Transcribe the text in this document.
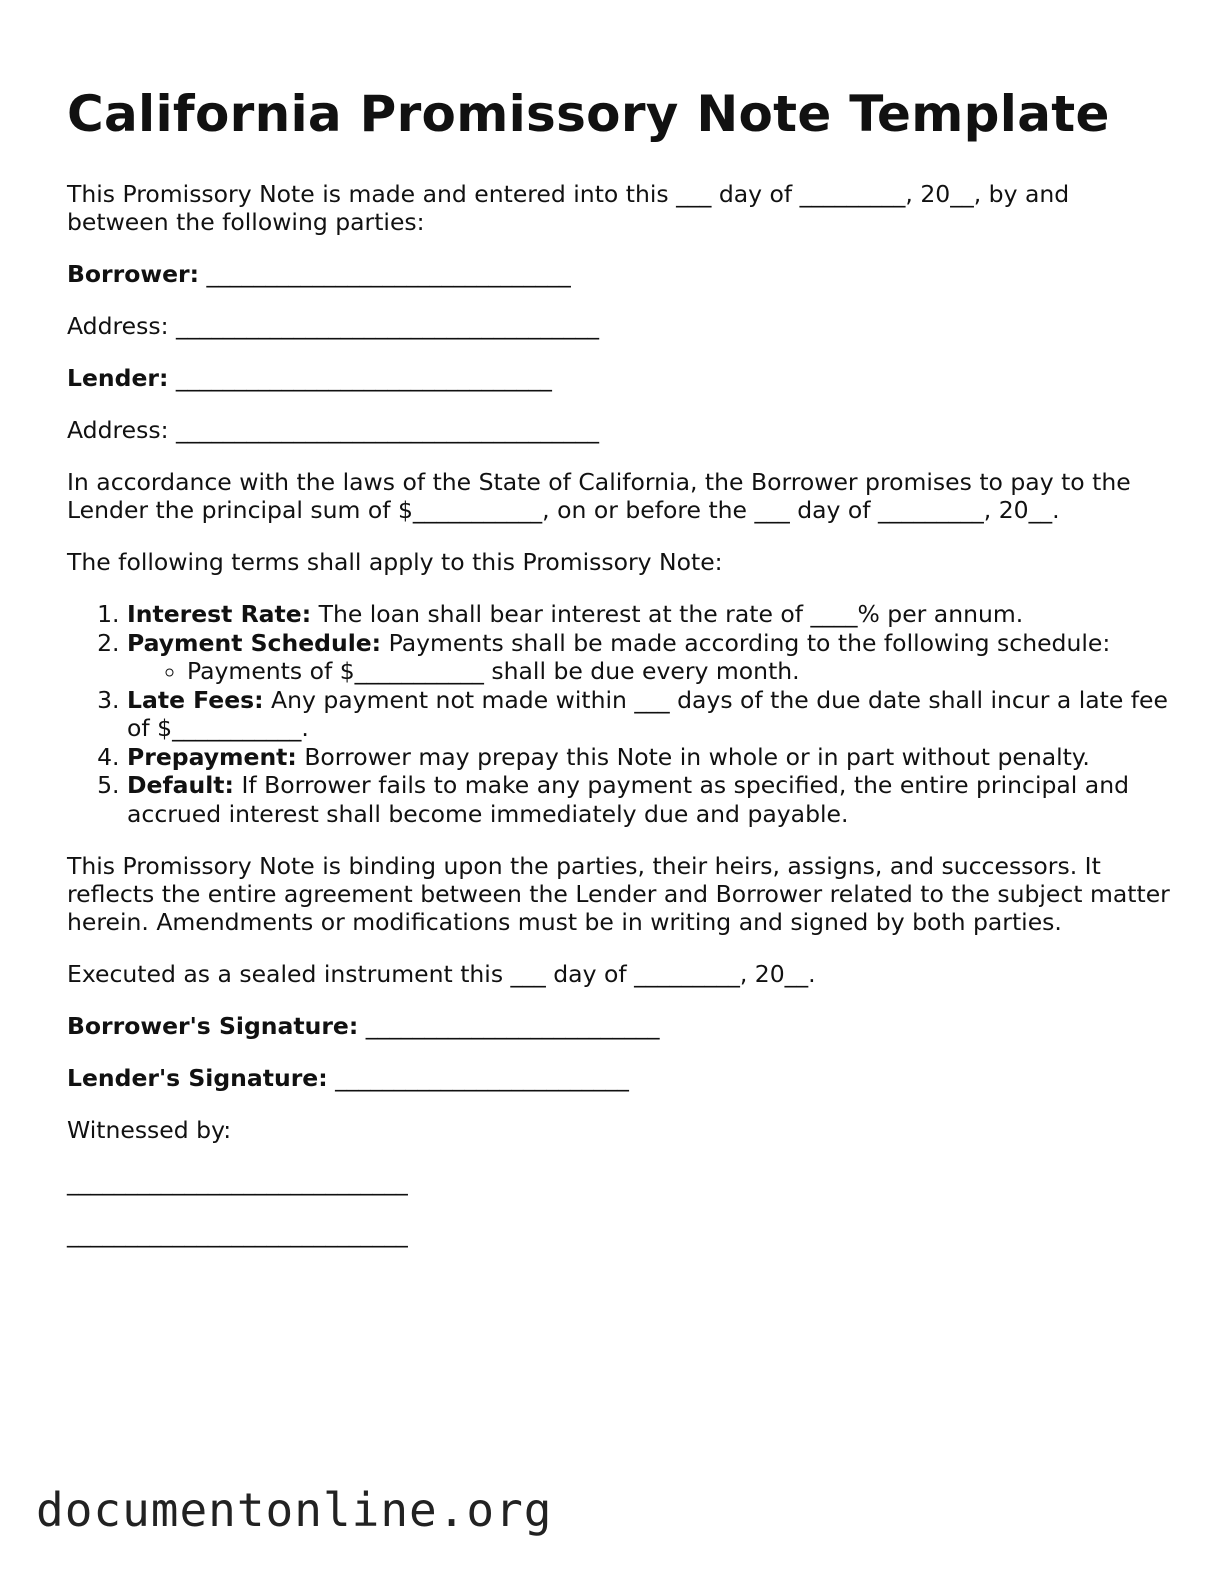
California Promissory Note Template

This Promissory Note is made and entered into this ___ day of _________, 20__, by and between the following parties:

Borrower: _______________________________

Address: ____________________________________

Lender: ________________________________

Address: ____________________________________

In accordance with the laws of the State of California, the Borrower promises to pay to the Lender the principal sum of $___________, on or before the ___ day of _________, 20__.

The following terms shall apply to this Promissory Note:

1. Interest Rate: The loan shall bear interest at the rate of ____% per annum.
2. Payment Schedule: Payments shall be made according to the following schedule:
◦ Payments of $___________ shall be due every month.
3. Late Fees: Any payment not made within ___ days of the due date shall incur a late fee of $___________.
4. Prepayment: Borrower may prepay this Note in whole or in part without penalty.
5. Default: If Borrower fails to make any payment as specified, the entire principal and accrued interest shall become immediately due and payable.

This Promissory Note is binding upon the parties, their heirs, assigns, and successors. It reflects the entire agreement between the Lender and Borrower related to the subject matter herein. Amendments or modifications must be in writing and signed by both parties.

Executed as a sealed instrument this ___ day of _________, 20__.

Borrower's Signature: _________________________

Lender's Signature: _________________________

Witnessed by:

_____________________________

_____________________________

documentonline.org
